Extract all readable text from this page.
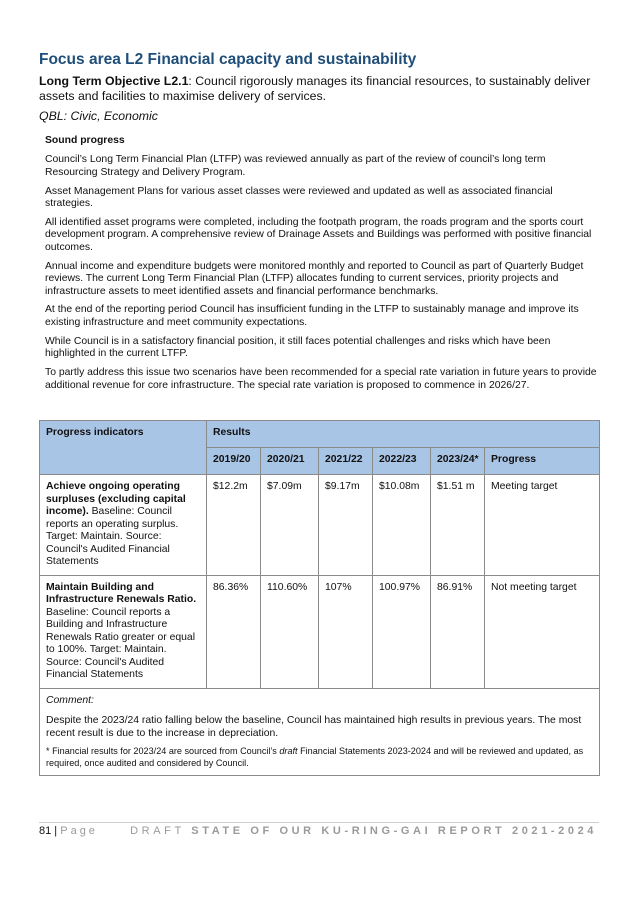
Focus area L2 Financial capacity and sustainability

Long Term Objective L2.1: Council rigorously manages its financial resources, to sustainably deliver assets and facilities to maximise delivery of services.

QBL: Civic, Economic

Sound progress

Council’s Long Term Financial Plan (LTFP) was reviewed annually as part of the review of council’s long term Resourcing Strategy and Delivery Program.

Asset Management Plans for various asset classes were reviewed and updated as well as associated financial strategies.

All identified asset programs were completed, including the footpath program, the roads program and the sports court development program. A comprehensive review of Drainage Assets and Buildings was performed with positive financial outcomes.

Annual income and expenditure budgets were monitored monthly and reported to Council as part of Quarterly Budget reviews. The current Long Term Financial Plan (LTFP) allocates funding to current services, priority projects and infrastructure assets to meet identified assets and financial performance benchmarks.

At the end of the reporting period Council has insufficient funding in the LTFP to sustainably manage and improve its existing infrastructure and meet community expectations.

While Council is in a satisfactory financial position, it still faces potential challenges and risks which have been highlighted in the current LTFP.

To partly address this issue two scenarios have been recommended for a special rate variation in future years to provide additional revenue for core infrastructure. The special rate variation is proposed to commence in 2026/27.

Progress indicators	Results					
	2019/20	2020/21	2021/22	2022/23	2023/24*	Progress
Achieve ongoing operating surpluses (excluding capital income). Baseline: Council reports an operating surplus. Target: Maintain. Source: Council's Audited Financial Statements	$12.2m	$7.09m	$9.17m	$10.08m	$1.51 m	Meeting target
Maintain Building and Infrastructure Renewals Ratio. Baseline: Council reports a Building and Infrastructure Renewals Ratio greater or equal to 100%. Target: Maintain. Source: Council's Audited Financial Statements	86.36%	110.60%	107%	100.97%	86.91%	Not meeting target

Comment:

Despite the 2023/24 ratio falling below the baseline, Council has maintained high results in previous years. The most recent result is due to the increase in depreciation.

* Financial results for 2023/24 are sourced from Council’s draft Financial Statements 2023-2024 and will be reviewed and updated, as required, once audited and considered by Council.						

81 | Page	DRAFT STATE OF OUR KU-RING-GAI REPORT 2021-2024
